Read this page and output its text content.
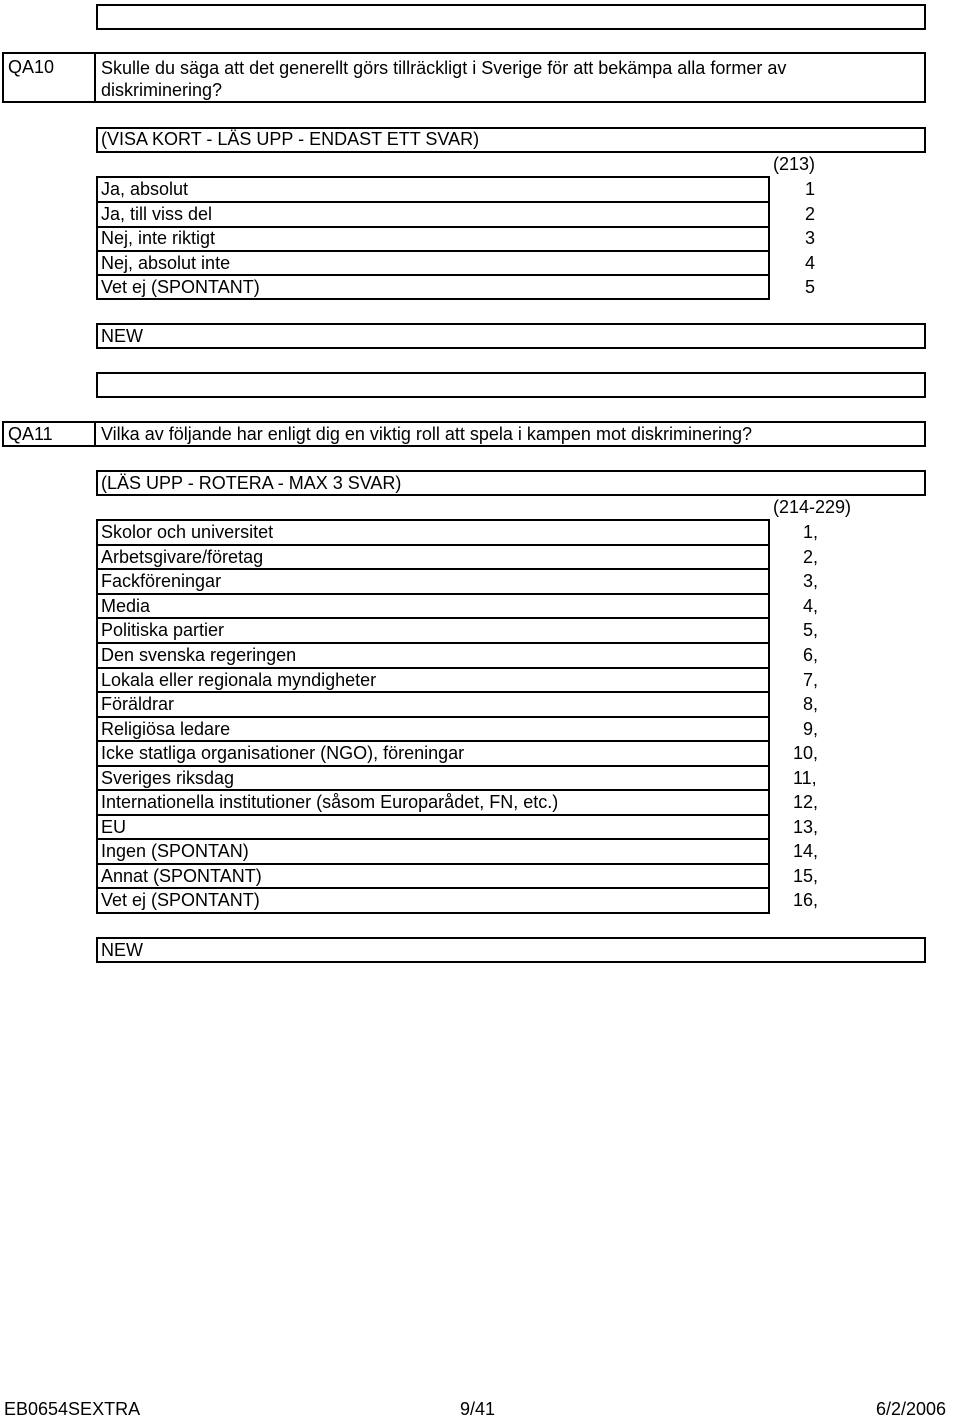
QA10	Skulle du säga att det generellt görs tillräckligt i Sverige för att bekämpa alla former av
diskriminering?
(VISA KORT - LÄS UPP - ENDAST ETT SVAR)
(213)
Ja, absolut	1
Ja, till viss del	2
Nej, inte riktigt	3
Nej, absolut inte	4
Vet ej (SPONTANT)	5
NEW
QA11	Vilka av följande har enligt dig en viktig roll att spela i kampen mot diskriminering?
(LÄS UPP - ROTERA - MAX 3 SVAR)
(214-229)
Skolor och universitet	1,
Arbetsgivare/företag	2,
Fackföreningar	3,
Media	4,
Politiska partier	5,
Den svenska regeringen	6,
Lokala eller regionala myndigheter	7,
Föräldrar	8,
Religiösa ledare	9,
Icke statliga organisationer (NGO), föreningar	10,
Sveriges riksdag	11,
Internationella institutioner (såsom Europarådet, FN, etc.)	12,
EU	13,
Ingen (SPONTAN)	14,
Annat (SPONTANT)	15,
Vet ej (SPONTANT)	16,
NEW
EB0654SEXTRA	9/41	6/2/2006
